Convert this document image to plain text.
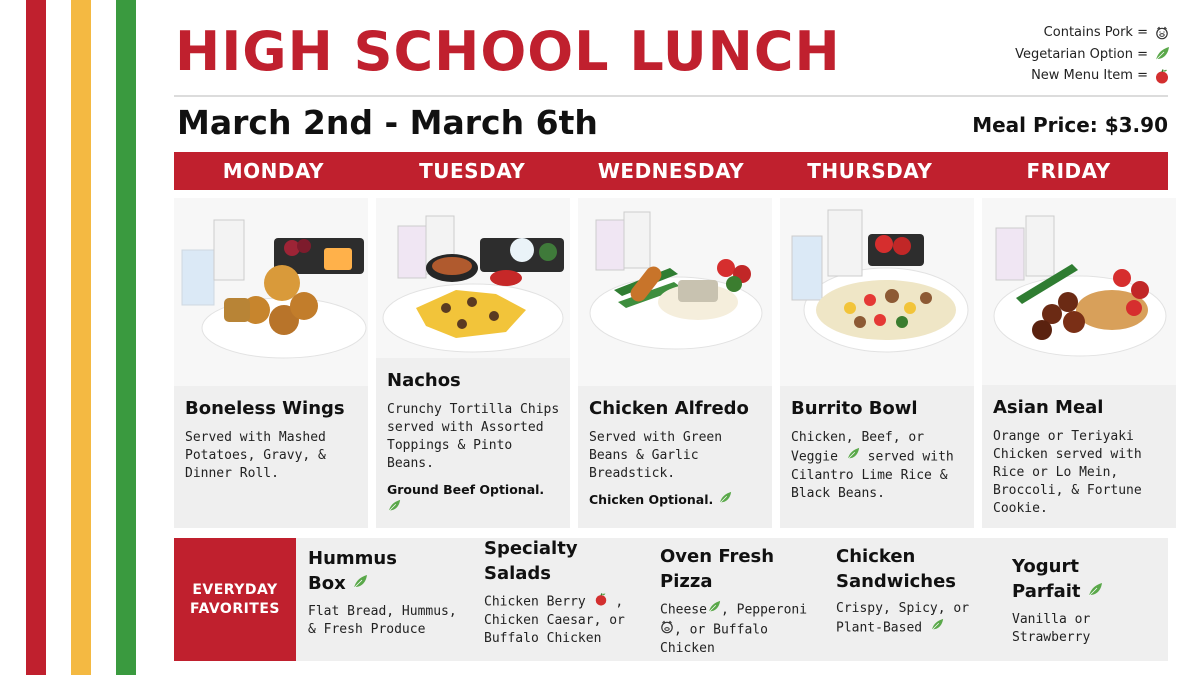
HIGH SCHOOL LUNCH	Contains Pork =
Vegetarian Option =
New Menu Item =
March 2nd - March 6th	Meal Price: $3.90
MONDAY	TUESDAY	WEDNESDAY	THURSDAY	FRIDAY
Boneless Wings

Served with Mashed Potatoes, Gravy, & Dinner Roll.

Nachos

Crunchy Tortilla Chips served with Assorted Toppings & Pinto Beans.

Ground Beef Optional.

Chicken Alfredo

Served with Green Beans & Garlic Breadstick.

Chicken Optional.

Burrito Bowl

Chicken, Beef, or Veggie served with Cilantro Lime Rice & Black Beans.

Asian Meal

Orange or Teriyaki Chicken served with Rice or Lo Mein, Broccoli, & Fortune Cookie.

EVERYDAY
FAVORITES
Hummus
Box

Flat Bread, Hummus, & Fresh Produce

Specialty
Salads

Chicken Berry , Chicken Caesar, or Buffalo Chicken

Oven Fresh
Pizza

Cheese , Pepperoni , or Buffalo Chicken

Chicken
Sandwiches

Crispy, Spicy, or
Plant-Based

Yogurt
Parfait

Vanilla or Strawberry
